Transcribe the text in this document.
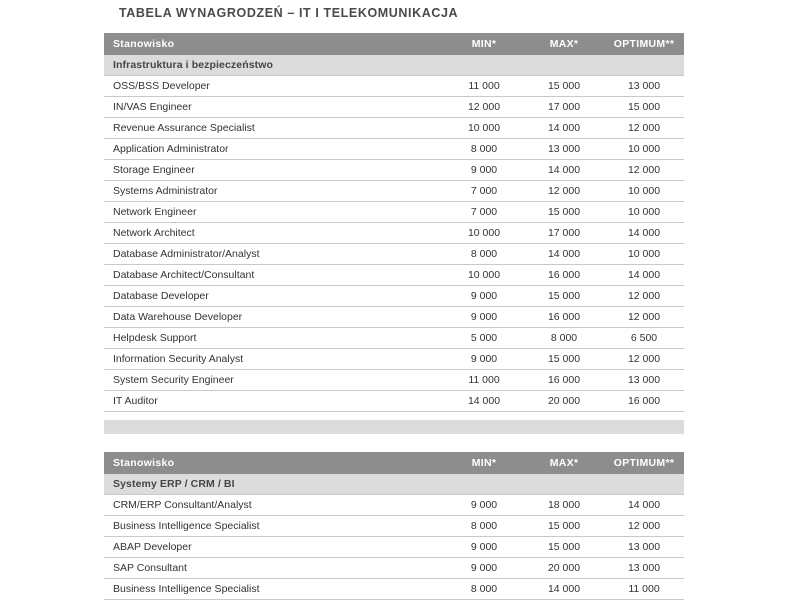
TABELA WYNAGRODZEŃ – IT I TELEKOMUNIKACJA
Stanowisko	MIN*	MAX*	OPTIMUM**
Infrastruktura i bezpieczeństwo			
OSS/BSS Developer	11 000	15 000	13 000
IN/VAS Engineer	12 000	17 000	15 000
Revenue Assurance Specialist	10 000	14 000	12 000
Application Administrator	8 000	13 000	10 000
Storage Engineer	9 000	14 000	12 000
Systems Administrator	7 000	12 000	10 000
Network Engineer	7 000	15 000	10 000
Network Architect	10 000	17 000	14 000
Database Administrator/Analyst	8 000	14 000	10 000
Database Architect/Consultant	10 000	16 000	14 000
Database Developer	9 000	15 000	12 000
Data Warehouse Developer	9 000	16 000	12 000
Helpdesk Support	5 000	8 000	6 500
Information Security Analyst	9 000	15 000	12 000
System Security Engineer	11 000	16 000	13 000
IT Auditor	14 000	20 000	16 000
Stanowisko	MIN*	MAX*	OPTIMUM**
Systemy ERP / CRM / BI			
CRM/ERP Consultant/Analyst	9 000	18 000	14 000
Business Intelligence Specialist	8 000	15 000	12 000
ABAP Developer	9 000	15 000	13 000
SAP Consultant	9 000	20 000	13 000
Business Intelligence Specialist	8 000	14 000	11 000
